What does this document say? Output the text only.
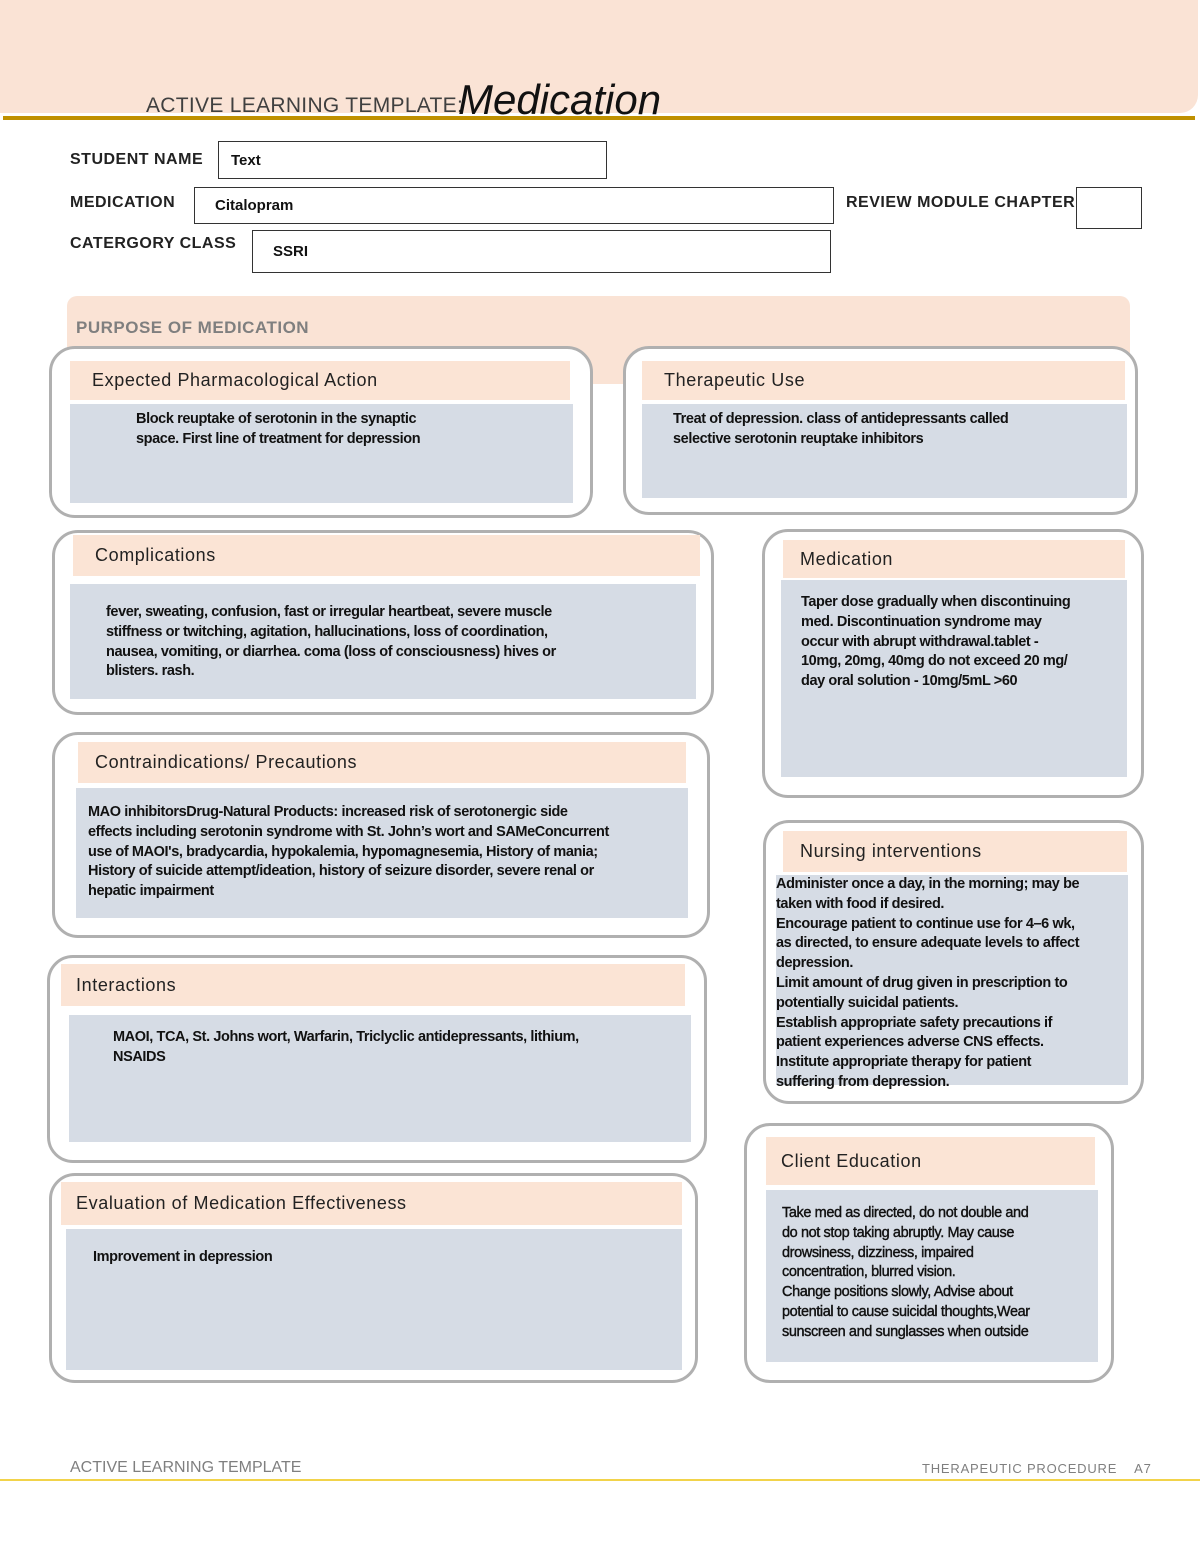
ACTIVE LEARNING TEMPLATE:
Medication
STUDENT NAME	Text
MEDICATION	Citalopram	REVIEW MODULE CHAPTER
CATERGORY CLASS	SSRI
PURPOSE OF MEDICATION
Expected Pharmacological Action
Block reuptake of serotonin in the synaptic
space. First line of treatment for depression
Therapeutic Use
Treat of depression. class of antidepressants called
selective serotonin reuptake inhibitors
Complications
fever, sweating, confusion, fast or irregular heartbeat, severe muscle
stiffness or twitching, agitation, hallucinations, loss of coordination,
nausea, vomiting, or diarrhea. coma (loss of consciousness) hives or
blisters. rash.
Medication
Taper dose gradually when discontinuing
med. Discontinuation syndrome may
occur with abrupt withdrawal.tablet -
10mg, 20mg, 40mg do not exceed 20 mg/
day oral solution - 10mg/5mL >60
Contraindications/ Precautions
MAO inhibitorsDrug-Natural Products: increased risk of serotonergic side
effects including serotonin syndrome with St. John’s wort and SAMeConcurrent
use of MAOI's, bradycardia, hypokalemia, hypomagnesemia, History of mania;
History of suicide attempt/ideation, history of seizure disorder, severe renal or
hepatic impairment
Nursing interventions
Administer once a day, in the morning; may be
taken with food if desired.
Encourage patient to continue use for 4–6 wk,
as directed, to ensure adequate levels to affect
depression.
Limit amount of drug given in prescription to
potentially suicidal patients.
Establish appropriate safety precautions if
patient experiences adverse CNS effects.
Institute appropriate therapy for patient
suffering from depression.
Interactions
MAOI, TCA, St. Johns wort, Warfarin, Triclyclic antidepressants, lithium,
NSAIDS
Client Education
Take med as directed, do not double and
do not stop taking abruptly. May cause
drowsiness, dizziness, impaired
concentration, blurred vision.
Change positions slowly, Advise about
potential to cause suicidal thoughts,Wear
sunscreen and sunglasses when outside
Evaluation of Medication Effectiveness
Improvement in depression
ACTIVE LEARNING TEMPLATE	THERAPEUTIC PROCEDURE    A7
